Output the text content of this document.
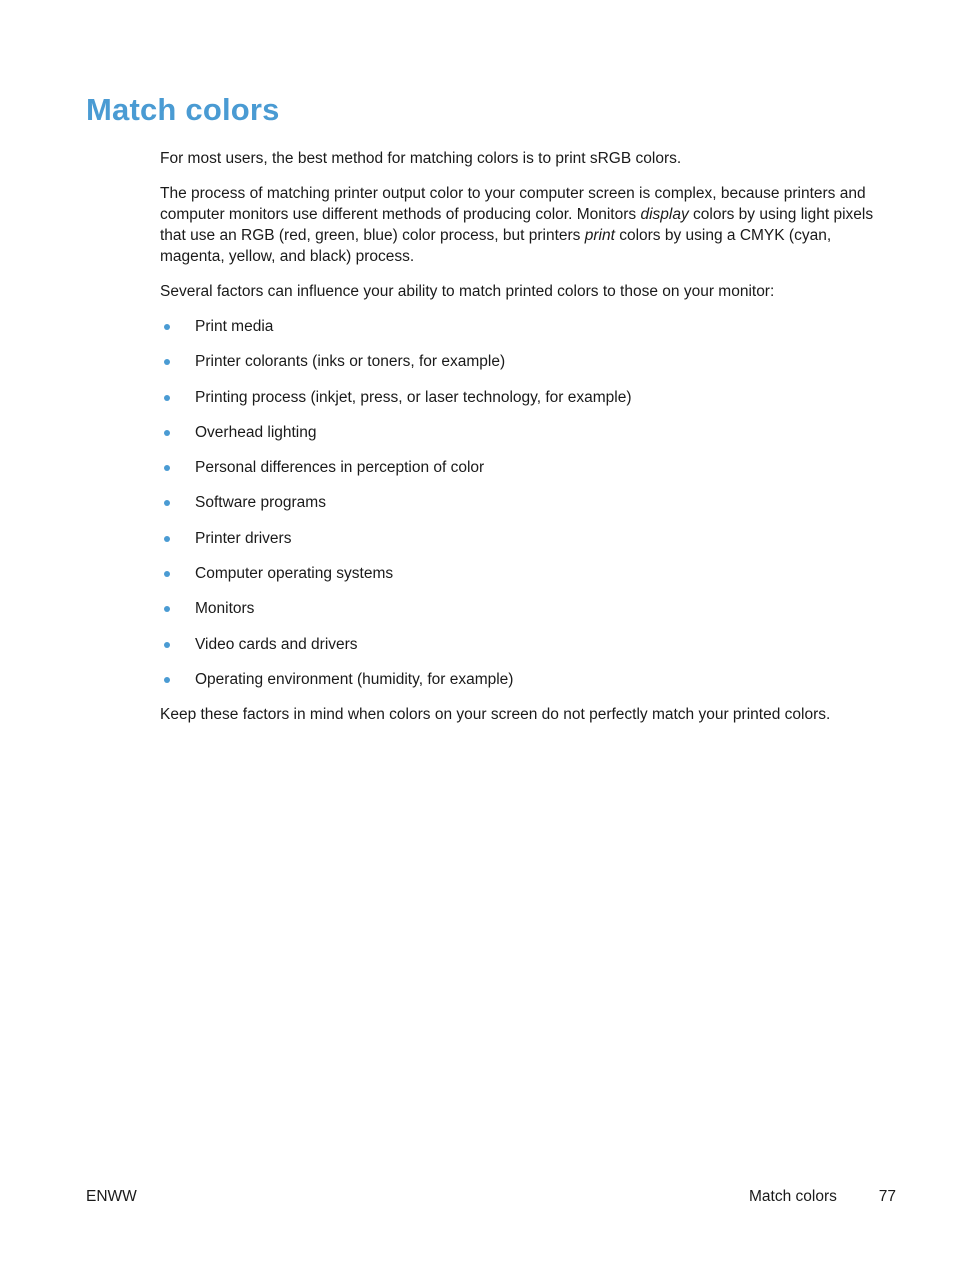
Match colors

For most users, the best method for matching colors is to print sRGB colors.

The process of matching printer output color to your computer screen is complex, because printers and computer monitors use different methods of producing color. Monitors display colors by using light pixels that use an RGB (red, green, blue) color process, but printers print colors by using a CMYK (cyan, magenta, yellow, and black) process.

Several factors can influence your ability to match printed colors to those on your monitor:

Print media
Printer colorants (inks or toners, for example)
Printing process (inkjet, press, or laser technology, for example)
Overhead lighting
Personal differences in perception of color
Software programs
Printer drivers
Computer operating systems
Monitors
Video cards and drivers
Operating environment (humidity, for example)

Keep these factors in mind when colors on your screen do not perfectly match your printed colors.

ENWW	Match colors	77
